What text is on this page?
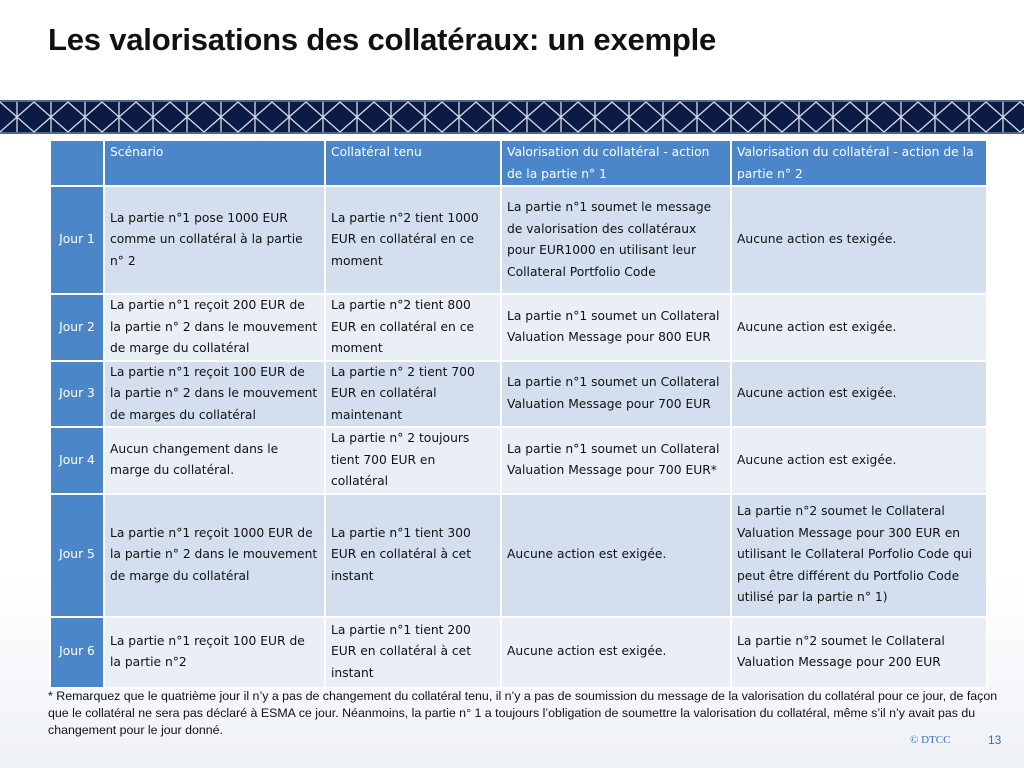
Les valorisations des collatéraux: un exemple
	Scénario	Collatéral tenu	Valorisation du collatéral - action de la partie n° 1	Valorisation du collatéral - action de la partie n° 2
Jour 1	La partie n°1 pose 1000 EUR comme un collatéral à la partie n° 2	La partie n°2 tient 1000 EUR en collatéral en ce moment	La partie n°1 soumet le message de valorisation des collatéraux pour EUR1000 en utilisant leur Collateral Portfolio Code	Aucune action es texigée.
Jour 2	La partie n°1 reçoit 200 EUR de la partie n° 2 dans le mouvement de marge du collatéral	La partie n°2 tient 800 EUR en collatéral en ce moment	La partie n°1 soumet un Collateral Valuation Message pour 800 EUR	Aucune action est exigée.
Jour 3	La partie n°1 reçoit 100 EUR de la partie n° 2 dans le mouvement de marges du collatéral	La partie n° 2 tient 700 EUR en collatéral maintenant	La partie n°1 soumet un Collateral Valuation Message pour 700 EUR	Aucune action est exigée.
Jour 4	Aucun changement dans le marge du collatéral.	La partie n° 2 toujours tient 700 EUR en collatéral	La partie n°1 soumet un Collateral Valuation Message pour 700 EUR*	Aucune action est exigée.
Jour 5	La partie n°1 reçoit 1000 EUR de la partie n° 2 dans le mouvement de marge du collatéral	La partie n°1 tient 300 EUR en collatéral à cet instant	Aucune action est exigée.	La partie n°2 soumet le Collateral Valuation Message pour 300 EUR en utilisant le Collateral Porfolio Code qui peut être différent du Portfolio Code utilisé par la partie n° 1)
Jour 6	La partie n°1 reçoit 100 EUR de la partie n°2	La partie n°1 tient 200 EUR en collatéral à cet instant	Aucune action est exigée.	La partie n°2 soumet le Collateral Valuation Message pour 200 EUR
* Remarquez que le quatrième jour il n’y a pas de changement du collatéral tenu, il n’y a pas de soumission du message de la valorisation du collatéral pour ce jour, de façon que le collatéral ne sera pas déclaré à ESMA ce jour. Néanmoins, la partie n° 1 a toujours l’obligation de soumettre la valorisation du collatéral, même s’il n’y avait pas du changement pour le jour donné.
© DTCC	13
